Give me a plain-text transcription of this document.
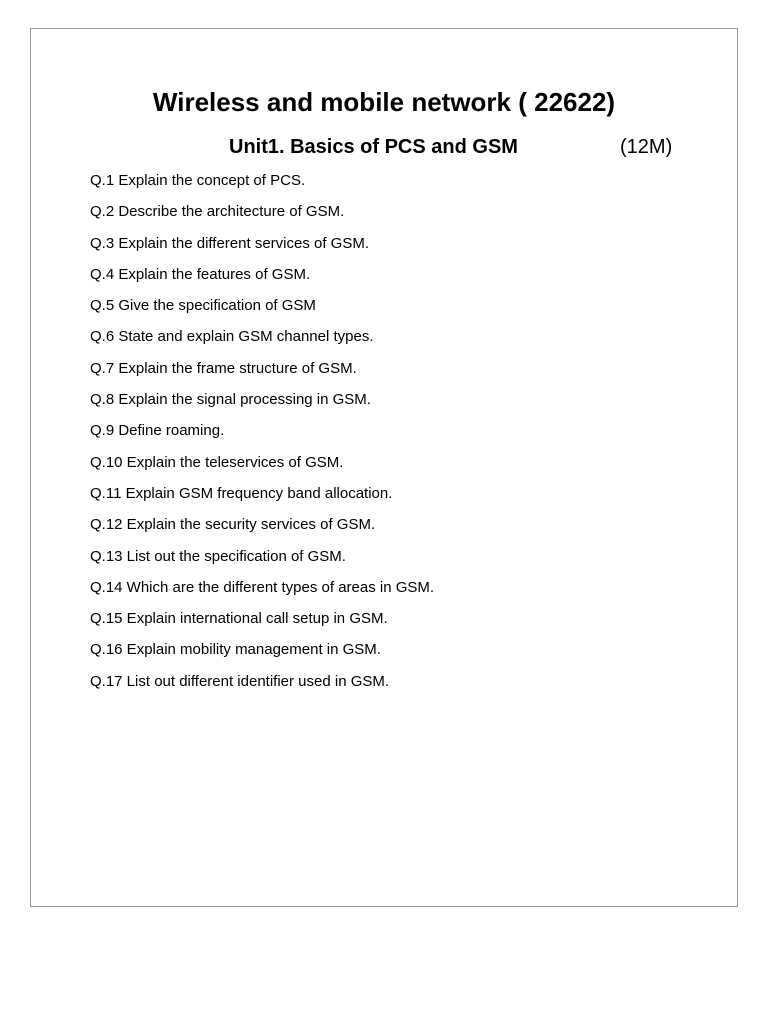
Wireless and mobile network ( 22622)
Unit1. Basics of PCS and GSM	(12M)
Q.1 Explain the concept of PCS.
Q.2 Describe the architecture of GSM.
Q.3 Explain the different services of GSM.
Q.4 Explain the features of GSM.
Q.5 Give the specification of GSM
Q.6 State and explain GSM channel types.
Q.7 Explain the frame structure of GSM.
Q.8 Explain the signal processing in GSM.
Q.9 Define roaming.
Q.10 Explain the teleservices of GSM.
Q.11 Explain GSM frequency band allocation.
Q.12 Explain the security services of GSM.
Q.13 List out the specification of GSM.
Q.14 Which are the different types of areas in GSM.
Q.15 Explain international call setup in GSM.
Q.16 Explain mobility management in GSM.
Q.17 List out different identifier used in GSM.
